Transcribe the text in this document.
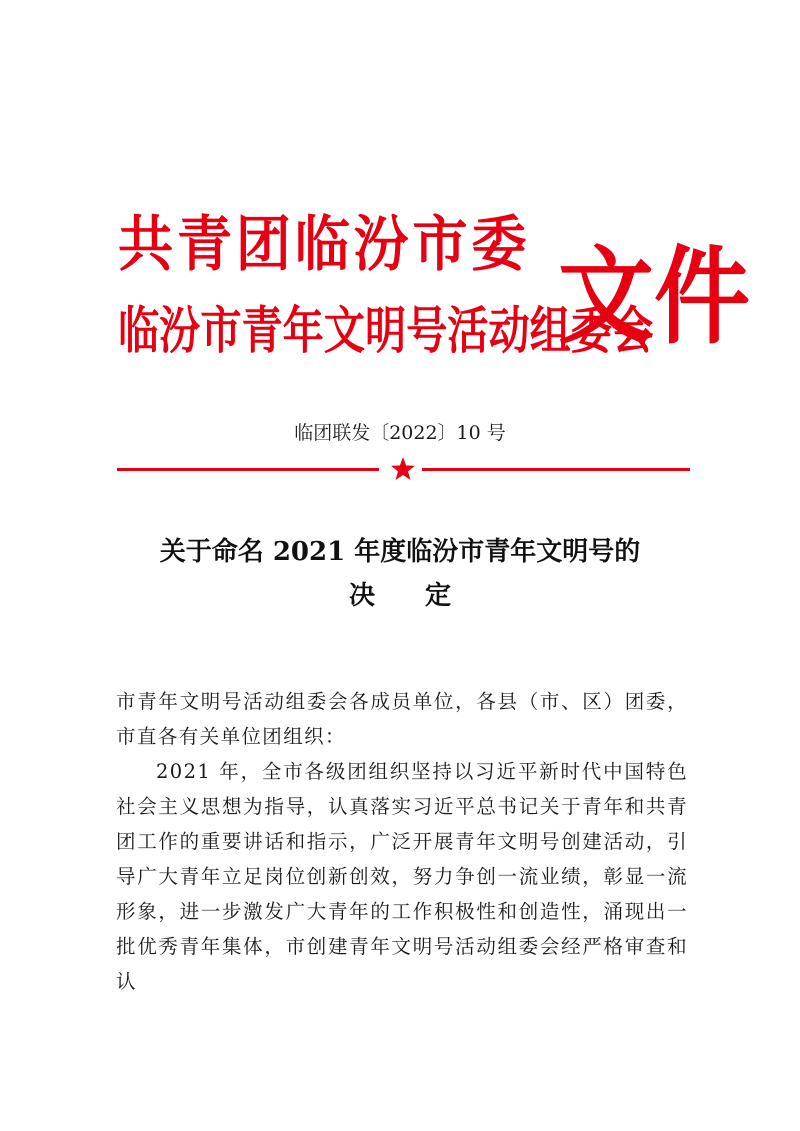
共青团临汾市委
临汾市青年文明号活动组委会
文件
临团联发〔2022〕10 号
关于命名 2021 年度临汾市青年文明号的
决定

市青年文明号活动组委会各成员单位，各县（市、区）团委，市直各有关单位团组织：

2021 年，全市各级团组织坚持以习近平新时代中国特色社会主义思想为指导，认真落实习近平总书记关于青年和共青团工作的重要讲话和指示，广泛开展青年文明号创建活动，引导广大青年立足岗位创新创效，努力争创一流业绩，彰显一流形象，进一步激发广大青年的工作积极性和创造性，涌现出一批优秀青年集体，市创建青年文明号活动组委会经严格审查和认
